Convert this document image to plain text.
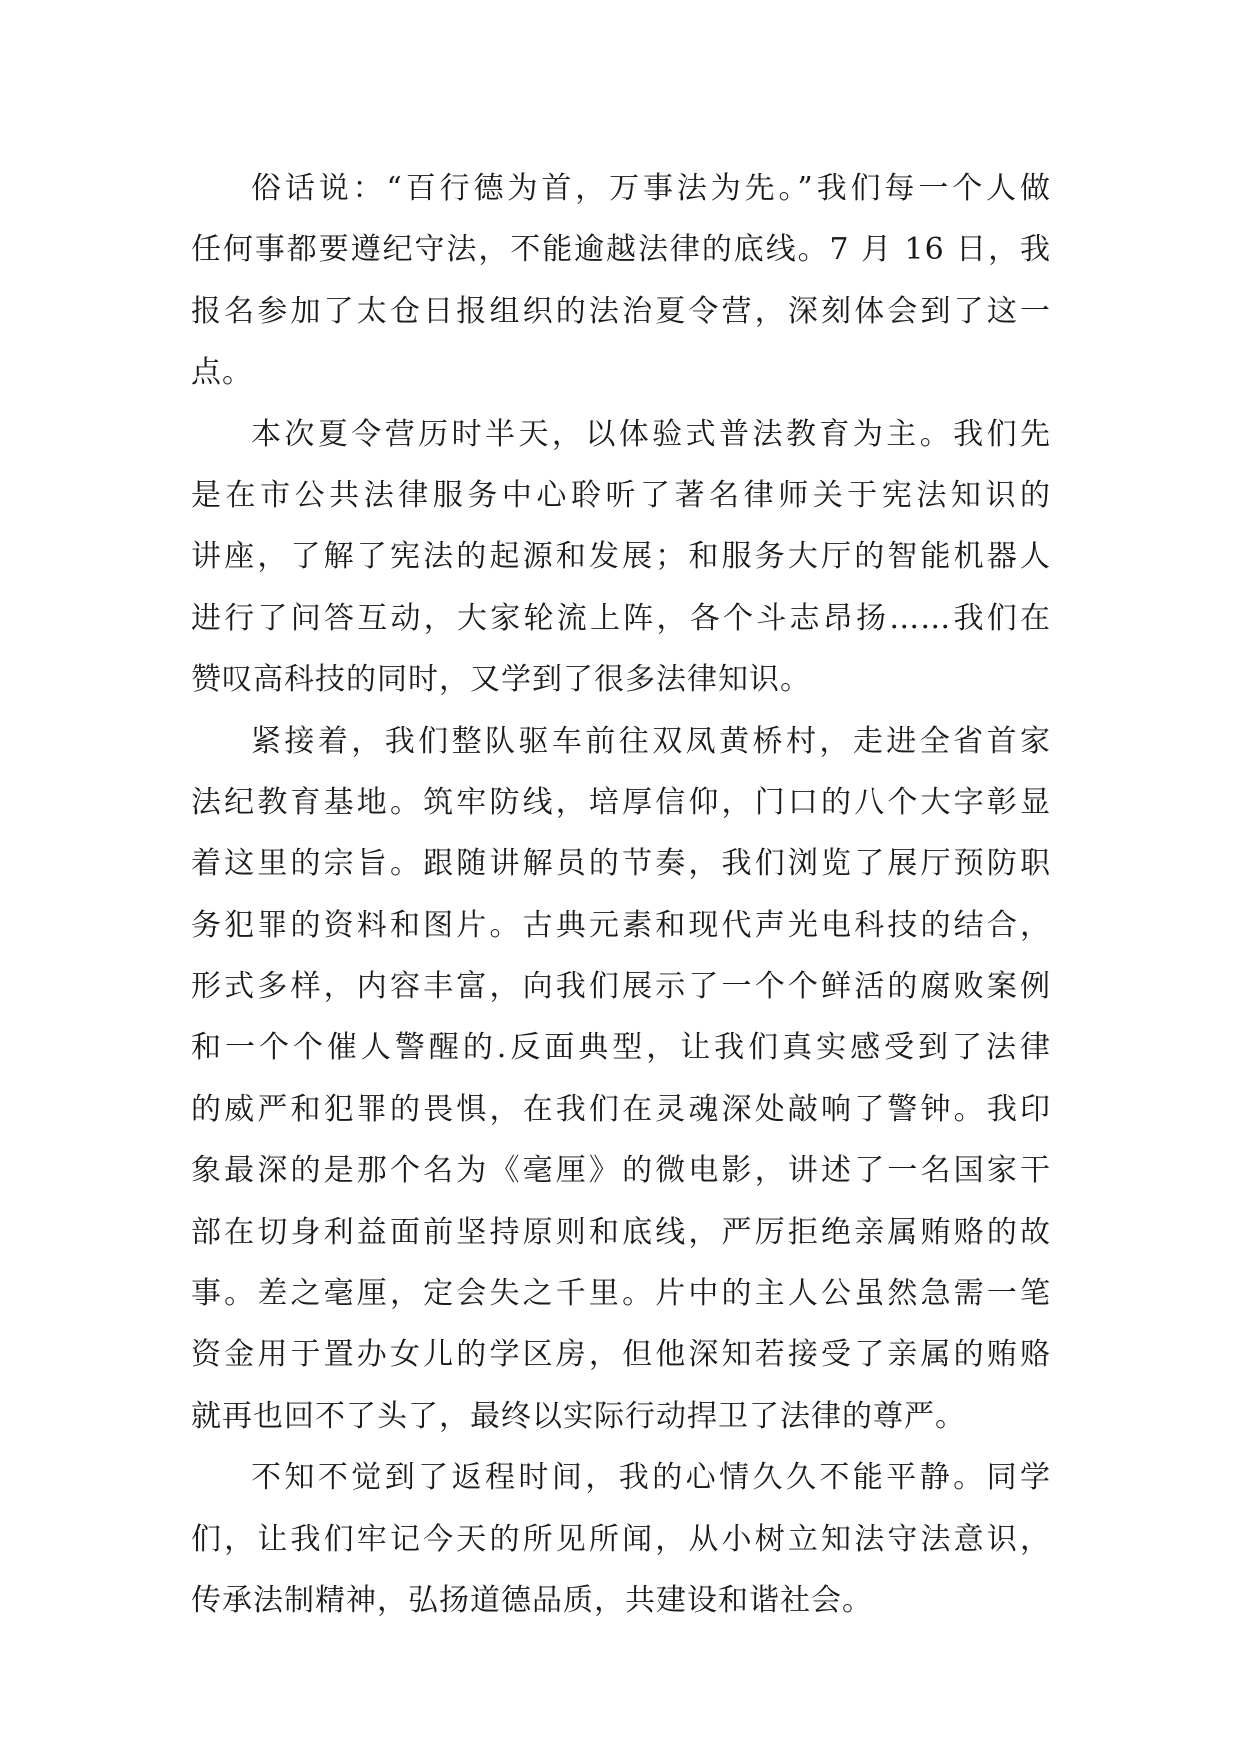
俗话说：“百行德为首，万事法为先。”我们每一个人做
任何事都要遵纪守法，不能逾越法律的底线。7 月 16 日，我
报名参加了太仓日报组织的法治夏令营，深刻体会到了这一
点。
本次夏令营历时半天，以体验式普法教育为主。我们先
是在市公共法律服务中心聆听了著名律师关于宪法知识的
讲座，了解了宪法的起源和发展；和服务大厅的智能机器人
进行了问答互动，大家轮流上阵，各个斗志昂扬……我们在
赞叹高科技的同时，又学到了很多法律知识。
紧接着，我们整队驱车前往双凤黄桥村，走进全省首家
法纪教育基地。筑牢防线，培厚信仰，门口的八个大字彰显
着这里的宗旨。跟随讲解员的节奏，我们浏览了展厅预防职
务犯罪的资料和图片。古典元素和现代声光电科技的结合，
形式多样，内容丰富，向我们展示了一个个鲜活的腐败案例
和一个个催人警醒的.反面典型，让我们真实感受到了法律
的威严和犯罪的畏惧，在我们在灵魂深处敲响了警钟。我印
象最深的是那个名为《毫厘》的微电影，讲述了一名国家干
部在切身利益面前坚持原则和底线，严厉拒绝亲属贿赂的故
事。差之毫厘，定会失之千里。片中的主人公虽然急需一笔
资金用于置办女儿的学区房，但他深知若接受了亲属的贿赂
就再也回不了头了，最终以实际行动捍卫了法律的尊严。
不知不觉到了返程时间，我的心情久久不能平静。同学
们，让我们牢记今天的所见所闻，从小树立知法守法意识，
传承法制精神，弘扬道德品质，共建设和谐社会。
